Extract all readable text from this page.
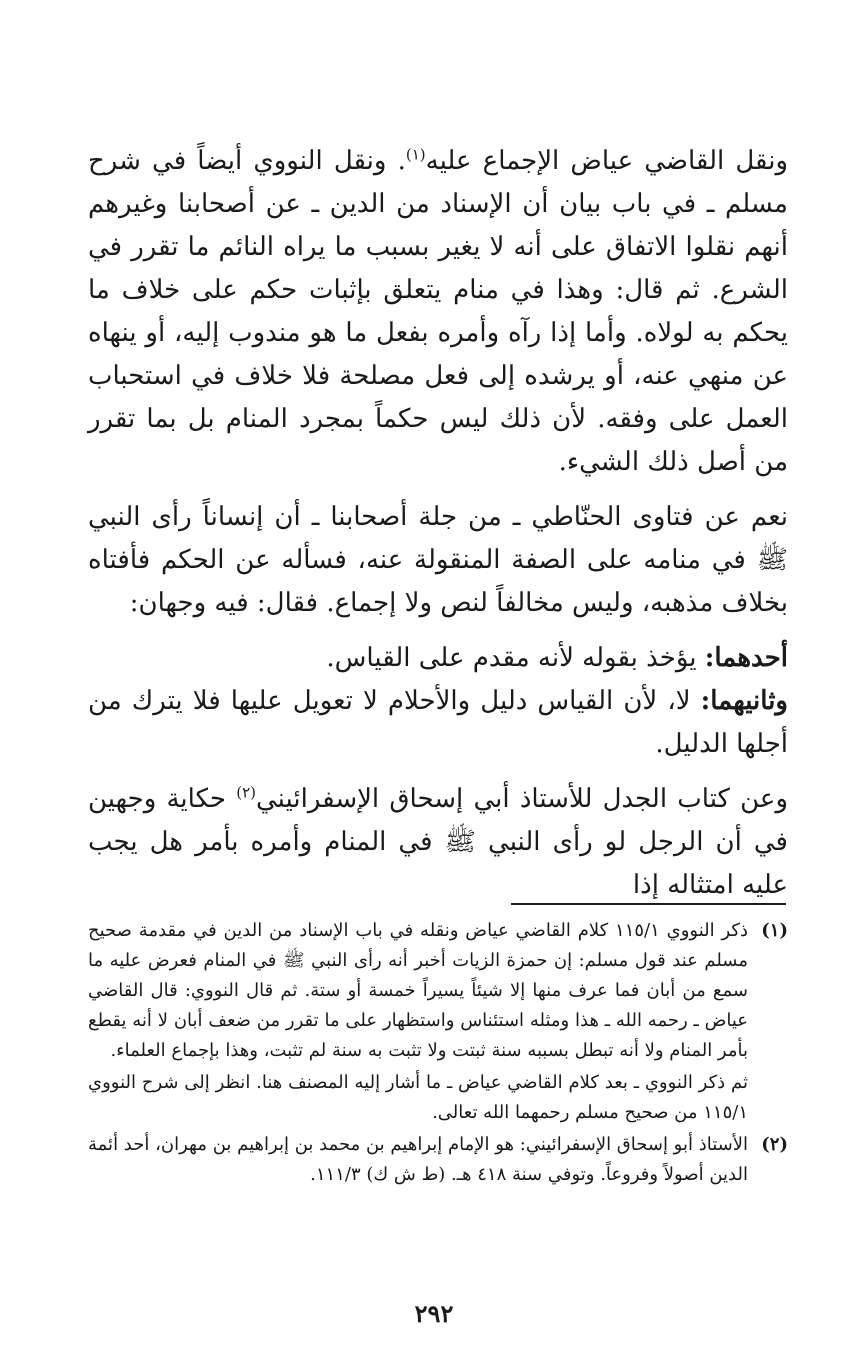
ونقل القاضي عياض الإجماع عليه$^{(١)}$. ونقل النووي أيضاً في شرح مسلم ـ في باب بيان أن الإسناد من الدين ـ عن أصحابنا وغيرهم أنهم نقلوا الاتفاق على أنه لا يغير بسبب ما يراه النائم ما تقرر في الشرع. ثم قال: وهذا في منام يتعلق بإثبات حكم على خلاف ما يحكم به لولاه. وأما إذا رآه وأمره بفعل ما هو مندوب إليه، أو ينهاه عن منهي عنه، أو يرشده إلى فعل مصلحة فلا خلاف في استحباب العمل على وفقه. لأن ذلك ليس حكماً بمجرد المنام بل بما تقرر من أصل ذلك الشيء.

نعم عن فتاوى الحنّاطي ـ من جلة أصحابنا ـ أن إنساناً رأى النبي ﷺ في منامه على الصفة المنقولة عنه، فسأله عن الحكم فأفتاه بخلاف مذهبه، وليس مخالفاً لنص ولا إجماع. فقال: فيه وجهان:

أحدهما: يؤخذ بقوله لأنه مقدم على القياس.

وثانيهما: لا، لأن القياس دليل والأحلام لا تعويل عليها فلا يترك من أجلها الدليل.

وعن كتاب الجدل للأستاذ أبي إسحاق الإسفرائيني$^{(٢)}$ حكاية وجهين في أن الرجل لو رأى النبي ﷺ في المنام وأمره بأمر هل يجب عليه امتثاله إذا

(١)
ذكر النووي ١١٥/١ كلام القاضي عياض ونقله في باب الإسناد من الدين في مقدمة صحيح مسلم عند قول مسلم: إن حمزة الزيات أخبر أنه رأى النبي ﷺ في المنام فعرض عليه ما سمع من أبان فما عرف منها إلا شيئاً يسيراً خمسة أو ستة. ثم قال النووي: قال القاضي عياض ـ رحمه الله ـ هذا ومثله استئناس واستظهار على ما تقرر من ضعف أبان لا أنه يقطع بأمر المنام ولا أنه تبطل بسببه سنة ثبتت ولا تثبت به سنة لم تثبت، وهذا بإجماع العلماء.

ثم ذكر النووي ـ بعد كلام القاضي عياض ـ ما أشار إليه المصنف هنا. انظر إلى شرح النووي ١١٥/١ من صحيح مسلم رحمهما الله تعالى.

(٢)
الأستاذ أبو إسحاق الإسفرائيني: هو الإمام إبراهيم بن محمد بن إبراهيم بن مهران، أحد أئمة الدين أصولاً وفروعاً. وتوفي سنة ٤١٨ هـ. (ط ش ك) ١١١/٣.

٢٩٢
